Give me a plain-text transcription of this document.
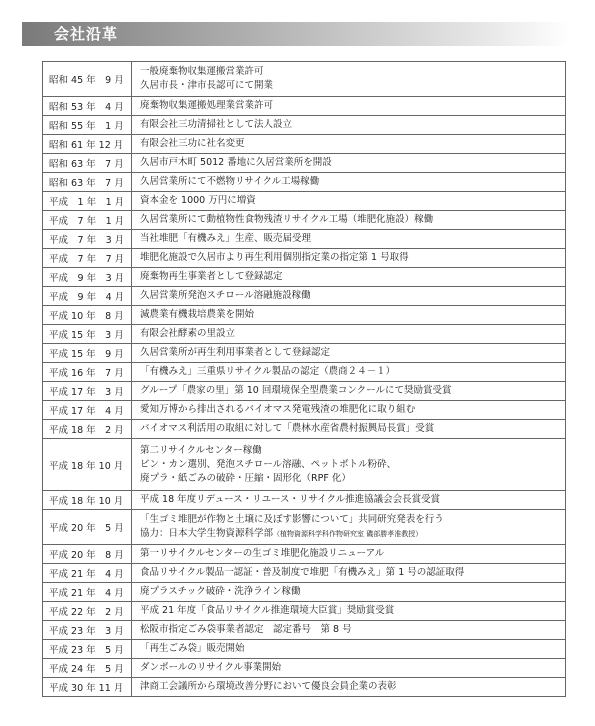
会社沿革
昭和 45 年　9 月	一般廃棄物収集運搬営業許可
久居市長・津市長認可にて開業

昭和 53 年　4 月	廃棄物収集運搬処理業営業許可

昭和 55 年　1 月	有限会社三功清掃社として法人設立

昭和 61 年 12 月	有限会社三功に社名変更

昭和 63 年　7 月	久居市戸木町 5012 番地に久居営業所を開設

昭和 63 年　7 月	久居営業所にて不燃物リサイクル工場稼働

平成　1 年　1 月	資本金を 1000 万円に増資

平成　7 年　1 月	久居営業所にて動植物性食物残渣リサイクル工場（堆肥化施設）稼働

平成　7 年　3 月	当社堆肥「有機みえ」生産、販売届受理

平成　7 年　7 月	堆肥化施設で久居市より再生利用個別指定業の指定第 1 号取得

平成　9 年　3 月	廃棄物再生事業者として登録認定

平成　9 年　4 月	久居営業所発泡スチロール溶融施設稼働

平成 10 年　8 月	減農業有機栽培農業を開始

平成 15 年　3 月	有限会社酵素の里設立

平成 15 年　9 月	久居営業所が再生利用事業者として登録認定

平成 16 年　7 月	「有機みえ」三重県リサイクル製品の認定（農商２４－１）

平成 17 年　3 月	グループ「農家の里」第 10 回環境保全型農業コンクールにて奨励賞受賞

平成 17 年　4 月	愛知万博から排出されるバイオマス発電残渣の堆肥化に取り組む

平成 18 年　2 月	バイオマス利活用の取組に対して「農林水産省農村振興局長賞」受賞

平成 18 年 10 月	第二リサイクルセンター稼働
ビン・カン選別、発泡スチロール溶融、ペットボトル粉砕、
廃プラ・紙ごみの破砕・圧縮・固形化（RPF 化）

平成 18 年 10 月	平成 18 年度リデュース・リユース・リサイクル推進協議会会長賞受賞

平成 20 年　5 月	「生ゴミ堆肥が作物と土壌に及ぼす影響について」共同研究発表を行う
協力：日本大学生物資源科学部（植物資源科学科作物研究室 磯部勝孝准教授）

平成 20 年　8 月	第一リサイクルセンターの生ゴミ堆肥化施設リニューアル

平成 21 年　4 月	食品リサイクル製品一認証・普及制度で堆肥「有機みえ」第 1 号の認証取得

平成 21 年　4 月	廃プラスチック破砕・洗浄ライン稼働

平成 22 年　2 月	平成 21 年度「食品リサイクル推進環境大臣賞」奨励賞受賞

平成 23 年　3 月	松阪市指定ごみ袋事業者認定　認定番号　第 8 号

平成 23 年　5 月	「再生ごみ袋」販売開始

平成 24 年　5 月	ダンボールのリサイクル事業開始

平成 30 年 11 月	津商工会議所から環境改善分野において優良会員企業の表彰
